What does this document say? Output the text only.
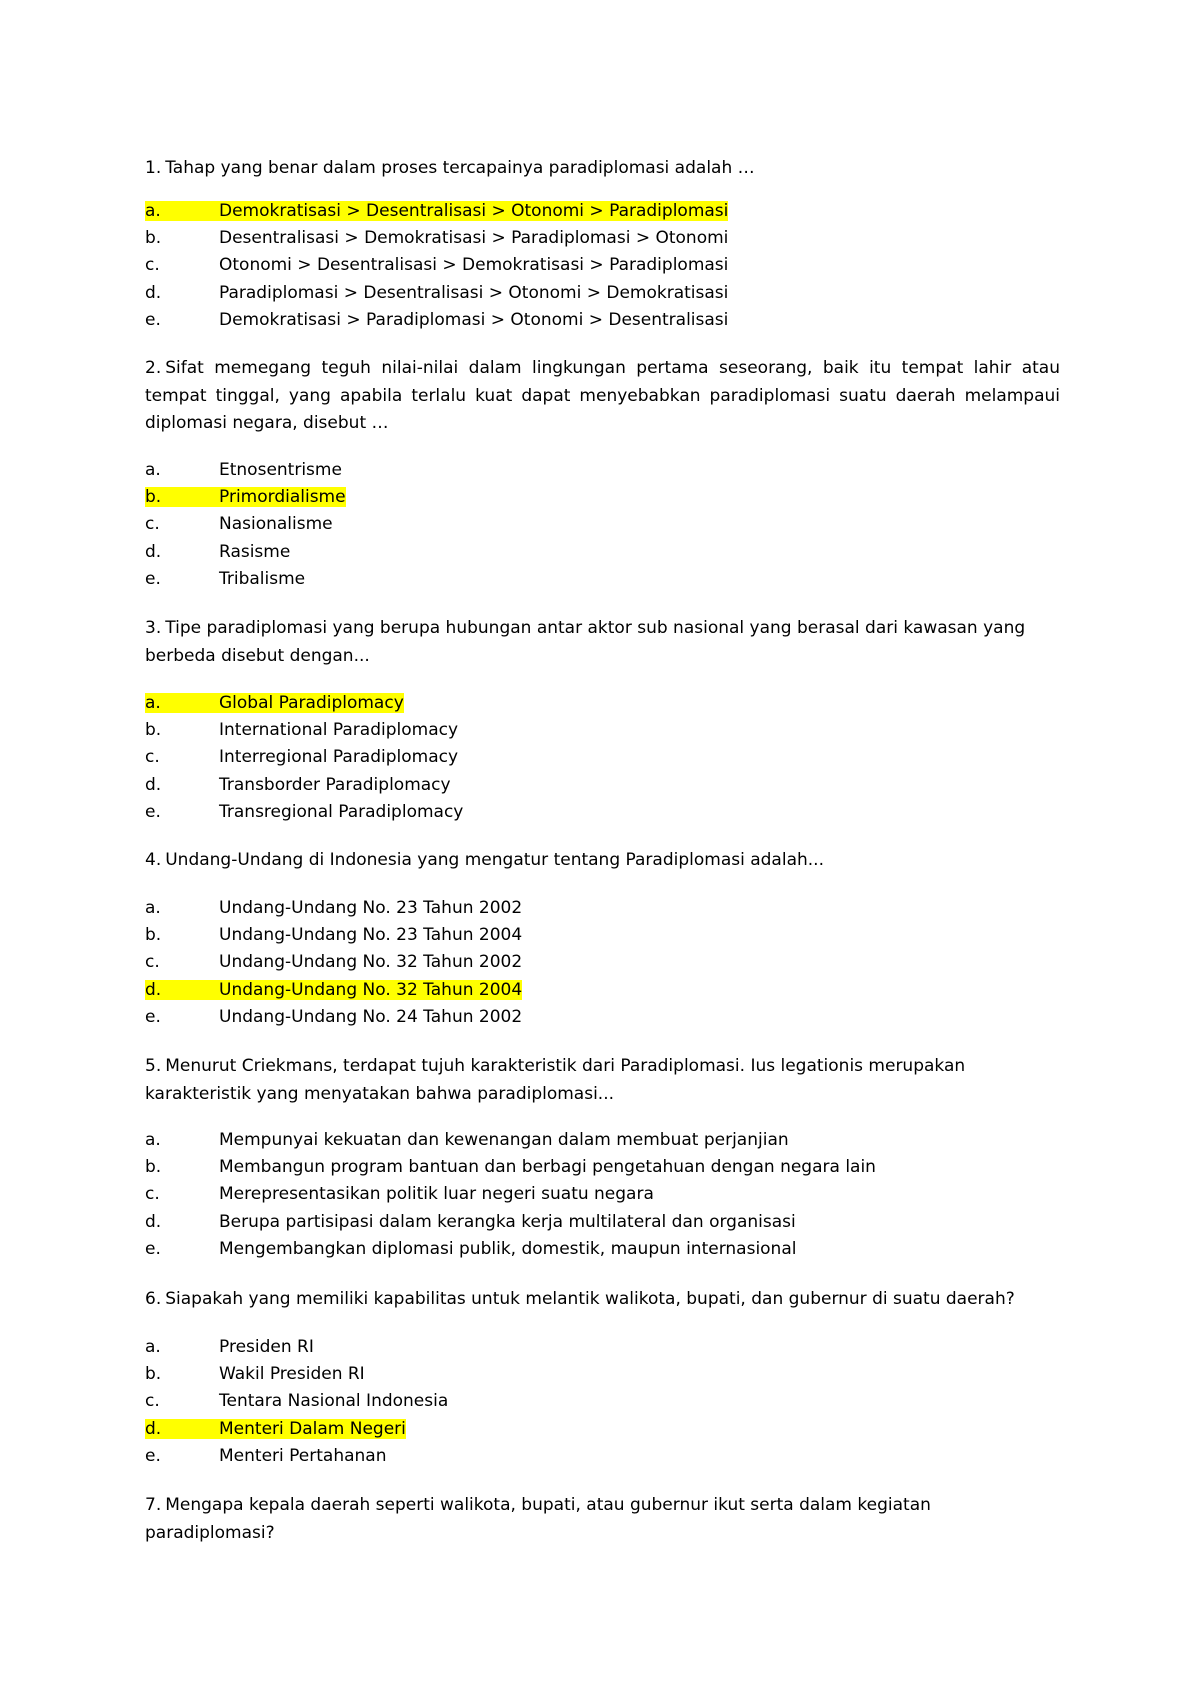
1. Tahap yang benar dalam proses tercapainya paradiplomasi adalah …

a.	Demokratisasi > Desentralisasi > Otonomi > Paradiplomasi
b.	Desentralisasi > Demokratisasi > Paradiplomasi > Otonomi
c.	Otonomi > Desentralisasi > Demokratisasi > Paradiplomasi
d.	Paradiplomasi > Desentralisasi > Otonomi > Demokratisasi
e.	Demokratisasi > Paradiplomasi > Otonomi > Desentralisasi

2. Sifat memegang teguh nilai-nilai dalam lingkungan pertama seseorang, baik itu tempat lahir atau tempat tinggal, yang apabila terlalu kuat dapat menyebabkan paradiplomasi suatu daerah melampaui diplomasi negara, disebut …

a.	Etnosentrisme
b.	Primordialisme
c.	Nasionalisme
d.	Rasisme
e.	Tribalisme

3. Tipe paradiplomasi yang berupa hubungan antar aktor sub nasional yang berasal dari kawasan yang berbeda disebut dengan...

a.	Global Paradiplomacy
b.	International Paradiplomacy
c.	Interregional Paradiplomacy
d.	Transborder Paradiplomacy
e.	Transregional Paradiplomacy

4. Undang-Undang di Indonesia yang mengatur tentang Paradiplomasi adalah...

a.	Undang-Undang No. 23 Tahun 2002
b.	Undang-Undang No. 23 Tahun 2004
c.	Undang-Undang No. 32 Tahun 2002
d.	Undang-Undang No. 32 Tahun 2004
e.	Undang-Undang No. 24 Tahun 2002

5. Menurut Criekmans, terdapat tujuh karakteristik dari Paradiplomasi. Ius legationis merupakan karakteristik yang menyatakan bahwa paradiplomasi...

a.	Mempunyai kekuatan dan kewenangan dalam membuat perjanjian
b.	Membangun program bantuan dan berbagi pengetahuan dengan negara lain
c.	Merepresentasikan politik luar negeri suatu negara
d.	Berupa partisipasi dalam kerangka kerja multilateral dan organisasi
e.	Mengembangkan diplomasi publik, domestik, maupun internasional

6. Siapakah yang memiliki kapabilitas untuk melantik walikota, bupati, dan gubernur di suatu daerah?

a.	Presiden RI
b.	Wakil Presiden RI
c.	Tentara Nasional Indonesia
d.	Menteri Dalam Negeri
e.	Menteri Pertahanan

7. Mengapa kepala daerah seperti walikota, bupati, atau gubernur ikut serta dalam kegiatan paradiplomasi?
